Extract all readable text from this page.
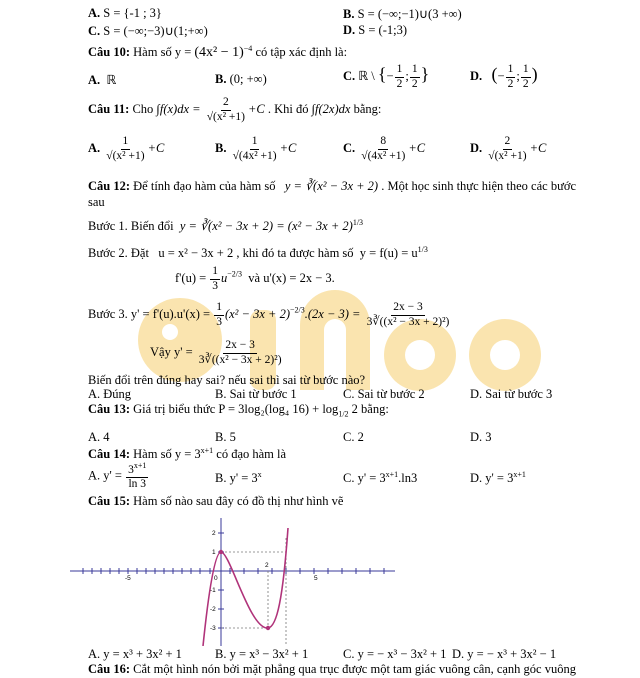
A. S = {-1 ; 3}	B. S = (−∞;−1)∪(3 +∞)
C. S = (−∞;−3)∪(1;+∞)	D. S = (-1;3)
Câu 10: Hàm số $y = (4x^2 - 1)^{-4}$ có tập xác định là:
A. ℝ	B. (0; +∞)	C. ℝ \ {− $\frac{1}{2}$ ; $\frac{1}{2}$ }	D. (− $\frac{1}{2}$ ; $\frac{1}{2}$ )
Câu 11: Cho $\int f(x)dx = \frac{2}{\text{√(x² +1)}} +C$ . Khi đó ∫f(2x)dx bằng:
A. $\frac{1}{\text{√(x² +1)}} +C$	B. $\frac{1}{\text{√(4x² +1)}} +C$	C. $\frac{8}{\text{√(4x² +1)}} +C$	D. $\frac{2}{\text{√(x² +1)}} +C$
Câu 12: Để tính đạo hàm của hàm số y = ∛(x² − 3x + 2) . Một học sinh thực hiện theo các bước
sau
Bước 1. Biến đổi y = ∛(x² − $3x + 2) = (x^2 - 3x + 2)^{1/3}$
Bước 2. Đặt u = x² − 3x + 2 , khi đó ta được hàm số $y = f(u) = u^{1/3}$
$f'(u) = \frac{1}{3} u^{-2/3}$ và u'(x) = 2x − 3.
Bước 3. $y' = f'(u).u'(x) = \frac{1}{3} (x^2 - 3x + 2)^{-2/3}.(2x - 3) = \frac{2x - 3}{\text{3∛((x² − 3x + 2)²)}}$
Vậy $y' = \frac{2x - 3}{\text{3∛((x² − 3x + 2)²)}}$
Biến đổi trên đúng hay sai? nếu sai thì sai từ bước nào?
A. Đúng	B. Sai từ bước 1	C. Sai từ bước 2	D. Sai từ bước 3
Câu 13: Giá trị biểu thức P = 3log₂(log₄ $16) + \log_{1/2} 2$ bằng:
A. 4	B. 5	C. 2	D. 3
Câu 14: Hàm số $y = 3^{x+1}$ có đạo hàm là
A. $y' = \frac{3^{x+1}}{\ln 3}$	B. $y' = 3^x$	C. $y' = 3^{x+1}.\ln 3$	D. $y' = 3^{x+1}$
Câu 15: Hàm số nào sau đây có đồ thị như hình vẽ
-5	0
2
5
2
1
-1
-2
-3
A. y = x³ + 3x² + 1	B. y = x³ − 3x² + 1	C. y = − x³ − 3x² + 1 D. y = − x³ + 3x² − 1
Câu 16: Cắt một hình nón bởi mặt phẳng qua trục được một tam giác vuông cân, cạnh góc vuông
